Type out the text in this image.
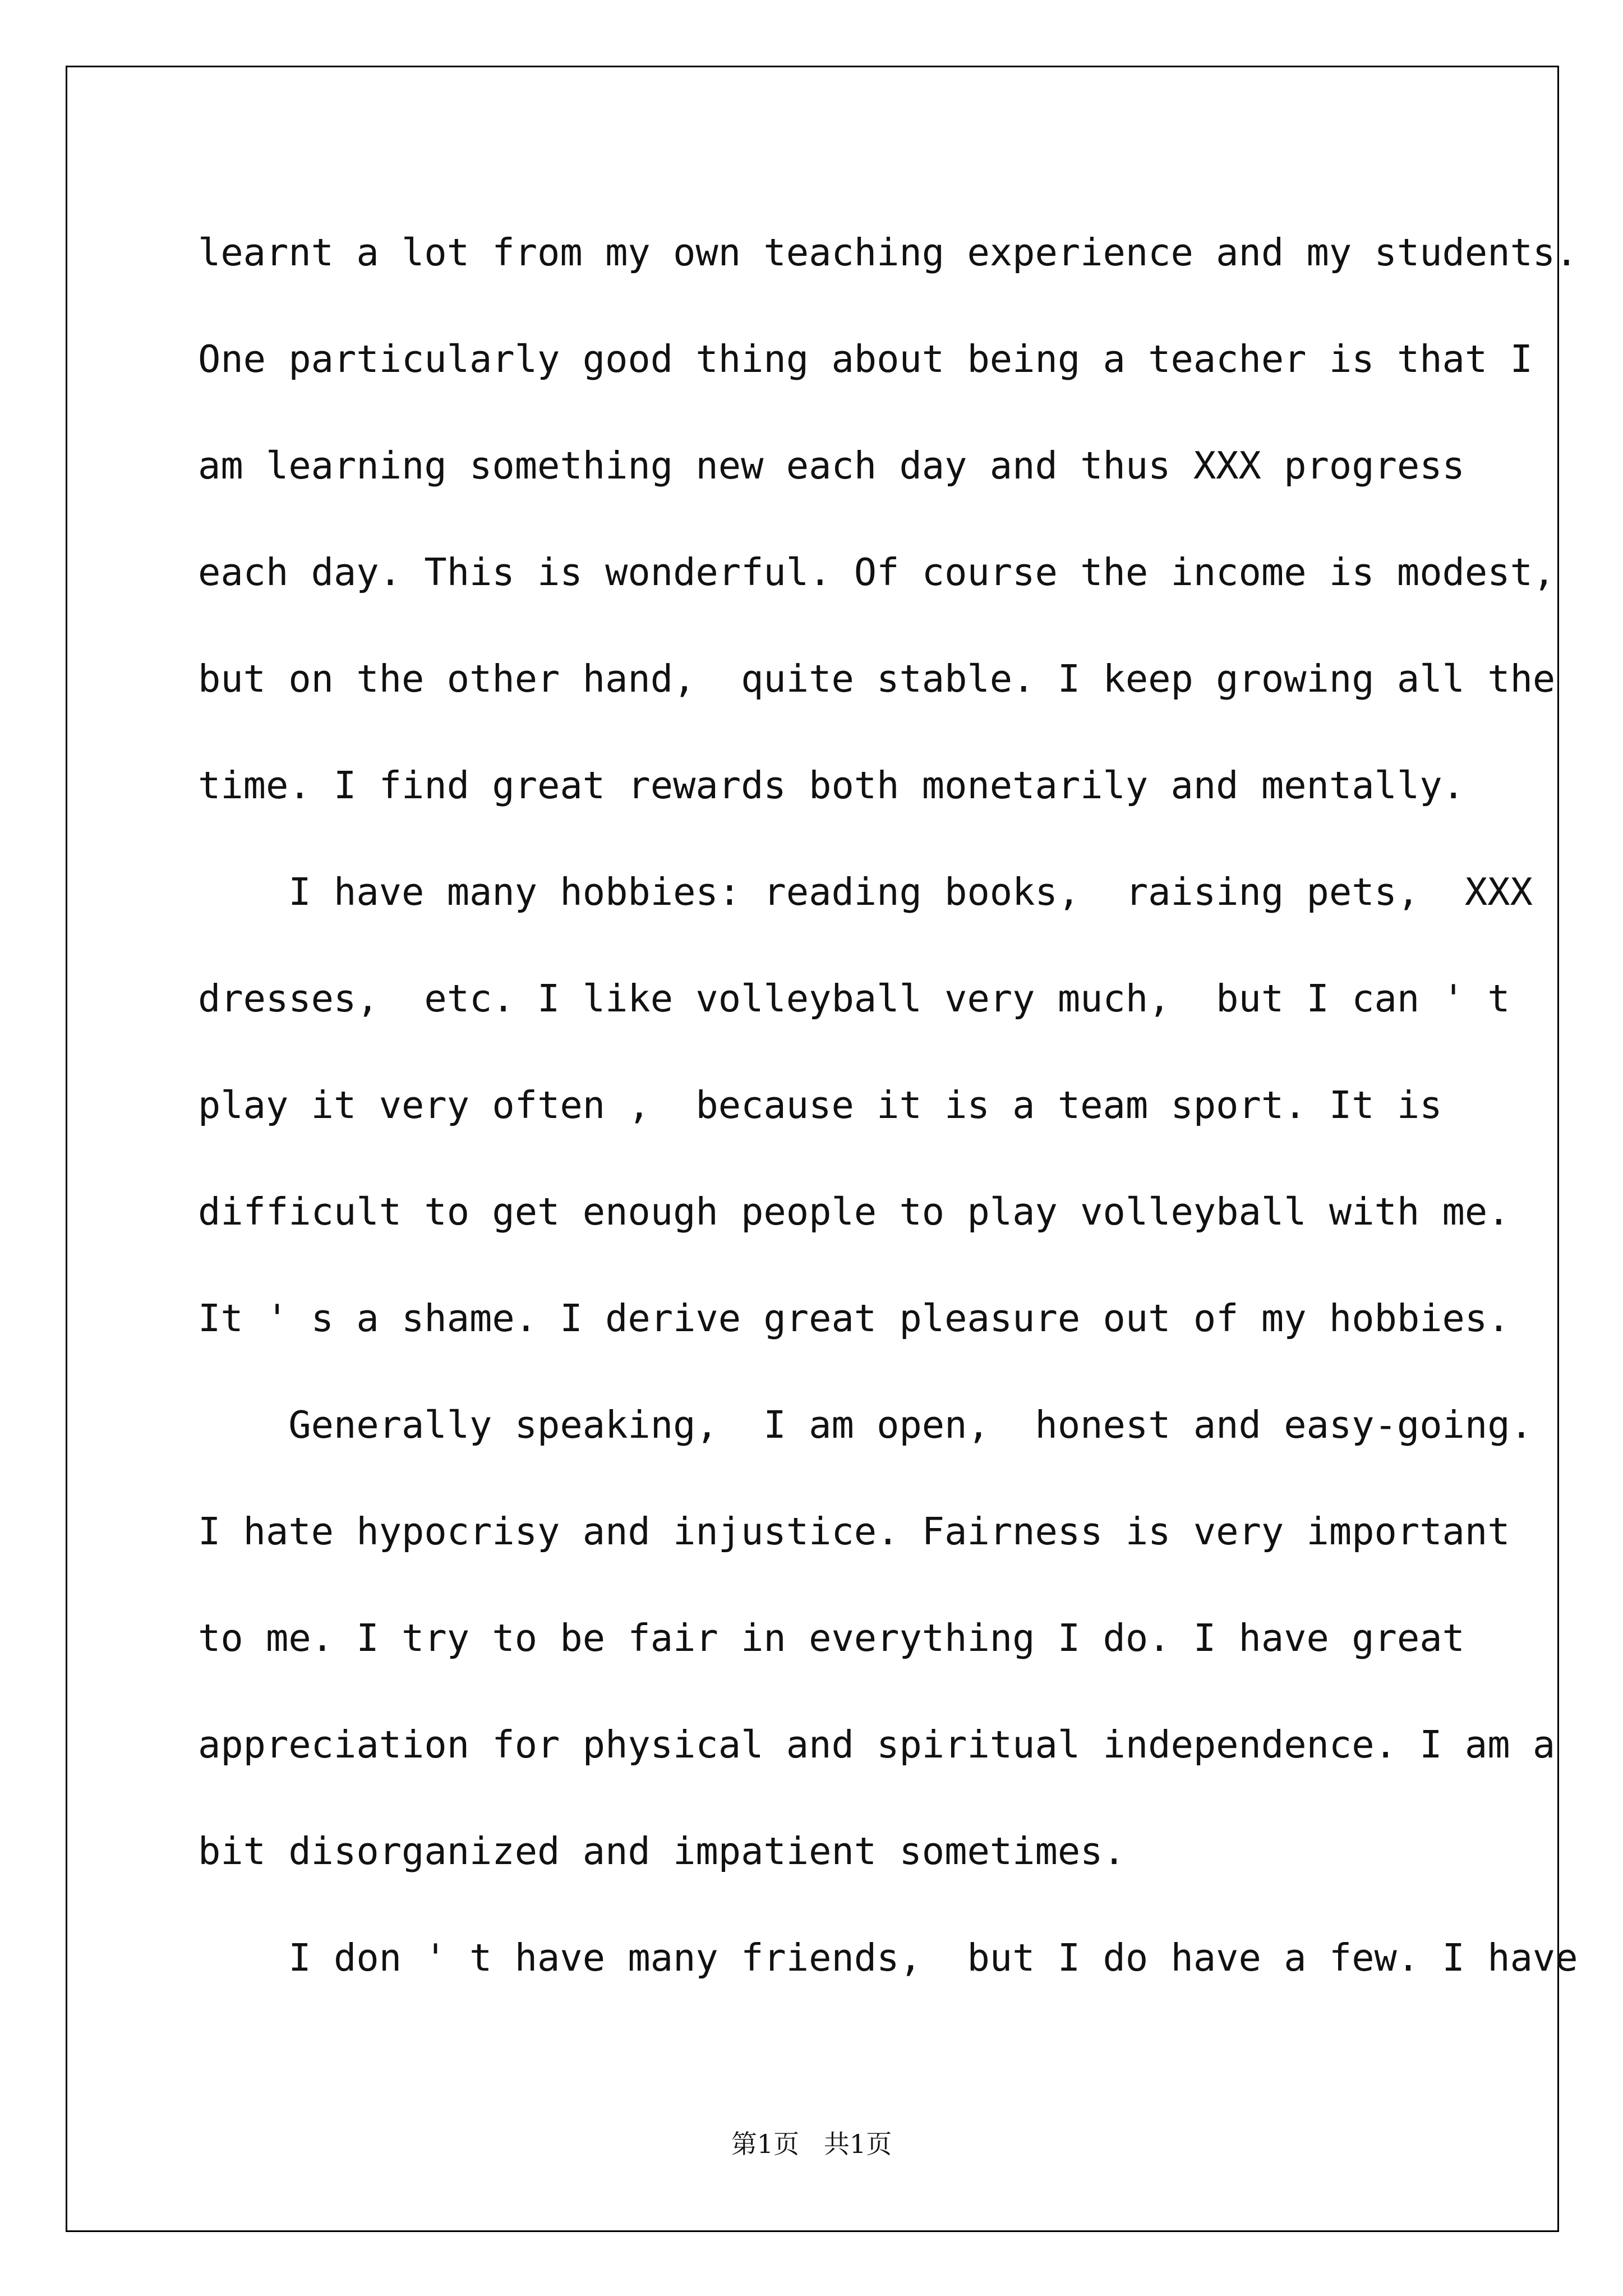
learnt a lot from my own teaching experience and my students.
One particularly good thing about being a teacher is that I
am learning something new each day and thus XXX progress
each day. This is wonderful. Of course the income is modest,
but on the other hand,  quite stable. I keep growing all the
time. I find great rewards both monetarily and mentally.
I have many hobbies: reading books,  raising pets,  XXX
dresses,  etc. I like volleyball very much,  but I can ' t
play it very often ,  because it is a team sport. It is
difficult to get enough people to play volleyball with me.
It ' s a shame. I derive great pleasure out of my hobbies.
Generally speaking,  I am open,  honest and easy-going.
I hate hypocrisy and injustice. Fairness is very important
to me. I try to be fair in everything I do. I have great
appreciation for physical and spiritual independence. I am a
bit disorganized and impatient sometimes.
I don ' t have many friends,  but I do have a few. I have
第1页   共1页
